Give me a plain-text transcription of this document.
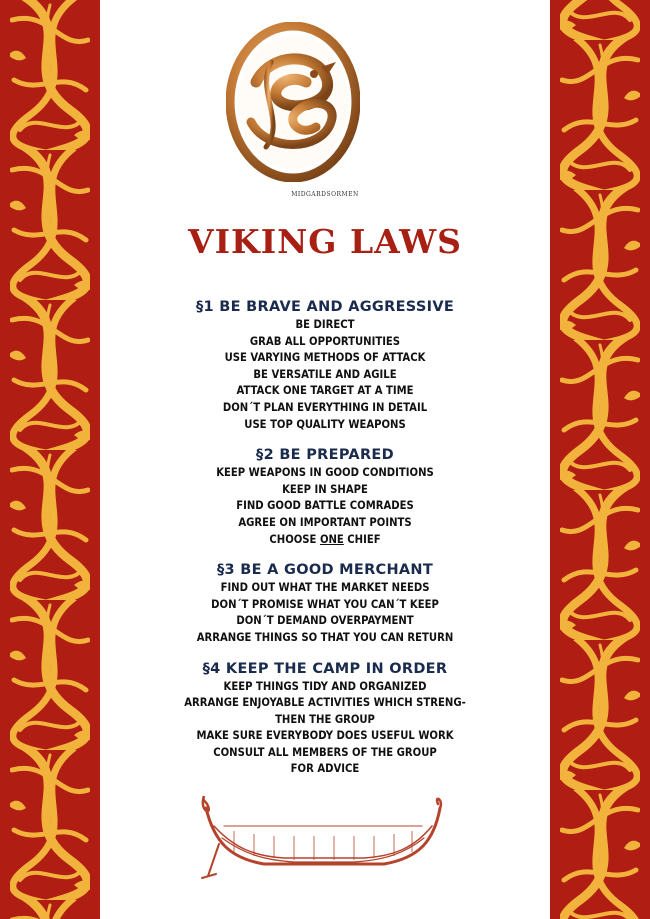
MIDGARDSORMEN
VIKING LAWS
§1 BE BRAVE AND AGGRESSIVE
BE DIRECT
GRAB ALL OPPORTUNITIES
USE VARYING METHODS OF ATTACK
BE VERSATILE AND AGILE
ATTACK ONE TARGET AT A TIME
DON´T PLAN EVERYTHING IN DETAIL
USE TOP QUALITY WEAPONS
§2 BE PREPARED
KEEP WEAPONS IN GOOD CONDITIONS
KEEP IN SHAPE
FIND GOOD BATTLE COMRADES
AGREE ON IMPORTANT POINTS
CHOOSE ONE CHIEF
§3 BE A GOOD MERCHANT
FIND OUT WHAT THE MARKET NEEDS
DON´T PROMISE WHAT YOU CAN´T KEEP
DON´T DEMAND OVERPAYMENT
ARRANGE THINGS SO THAT YOU CAN RETURN
§4 KEEP THE CAMP IN ORDER
KEEP THINGS TIDY AND ORGANIZED
ARRANGE ENJOYABLE ACTIVITIES WHICH STRENG-
THEN THE GROUP
MAKE SURE EVERYBODY DOES USEFUL WORK
CONSULT ALL MEMBERS OF THE GROUP
FOR ADVICE
